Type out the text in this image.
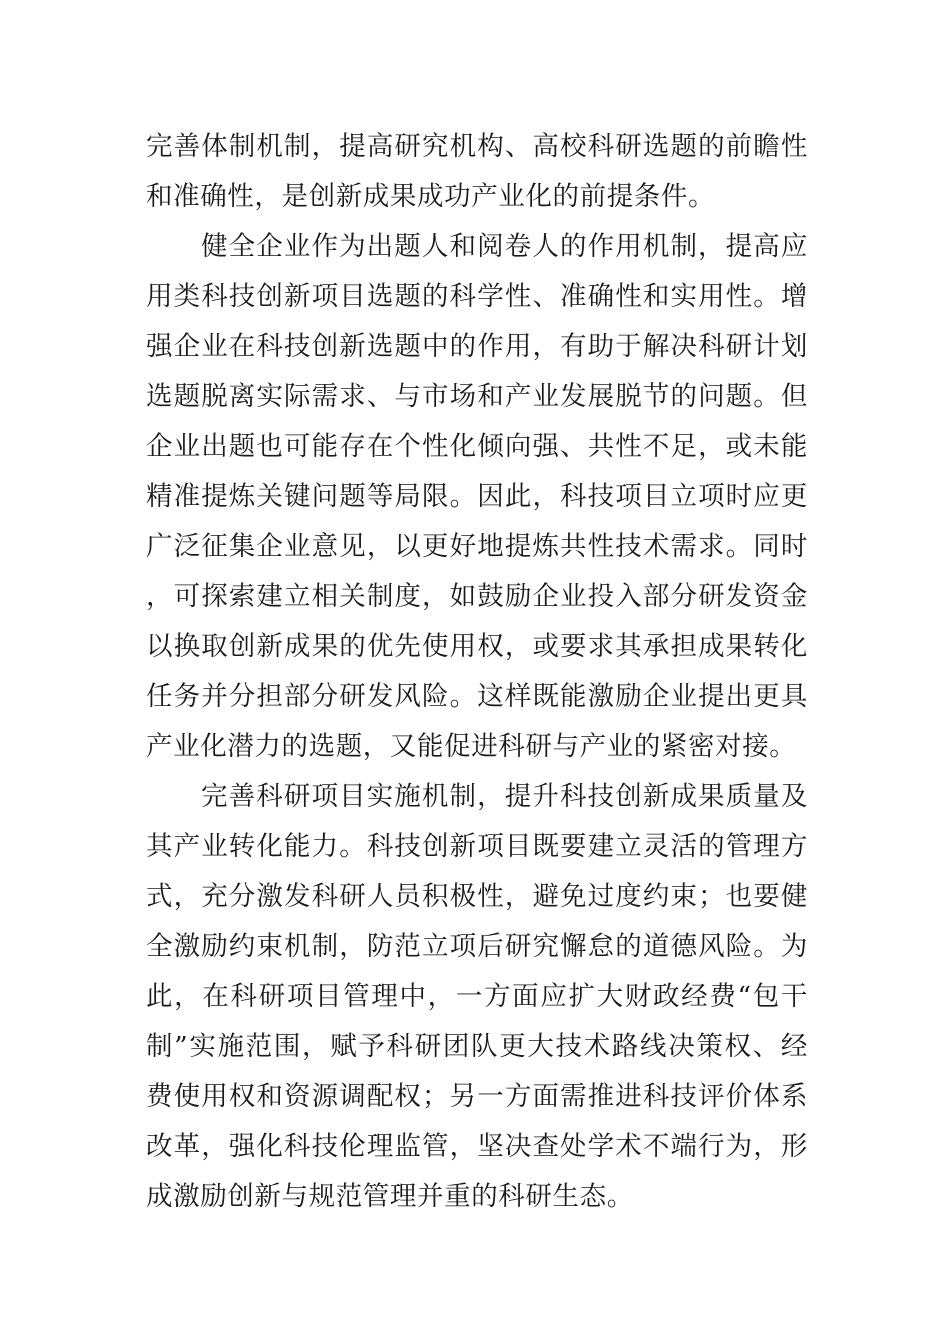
完善体制机制，提高研究机构、高校科研选题的前瞻性和准确性，是创新成果成功产业化的前提条件。

健全企业作为出题人和阅卷人的作用机制，提高应用类科技创新项目选题的科学性、准确性和实用性。增强企业在科技创新选题中的作用，有助于解决科研计划选题脱离实际需求、与市场和产业发展脱节的问题。但企业出题也可能存在个性化倾向强、共性不足，或未能精准提炼关键问题等局限。因此，科技项目立项时应更广泛征集企业意见，以更好地提炼共性技术需求。同时，可探索建立相关制度，如鼓励企业投入部分研发资金以换取创新成果的优先使用权，或要求其承担成果转化任务并分担部分研发风险。这样既能激励企业提出更具产业化潜力的选题，又能促进科研与产业的紧密对接。

完善科研项目实施机制，提升科技创新成果质量及其产业转化能力。科技创新项目既要建立灵活的管理方式，充分激发科研人员积极性，避免过度约束；也要健全激励约束机制，防范立项后研究懈怠的道德风险。为此，在科研项目管理中，一方面应扩大财政经费“包干制”实施范围，赋予科研团队更大技术路线决策权、经费使用权和资源调配权；另一方面需推进科技评价体系改革，强化科技伦理监管，坚决查处学术不端行为，形成激励创新与规范管理并重的科研生态。
